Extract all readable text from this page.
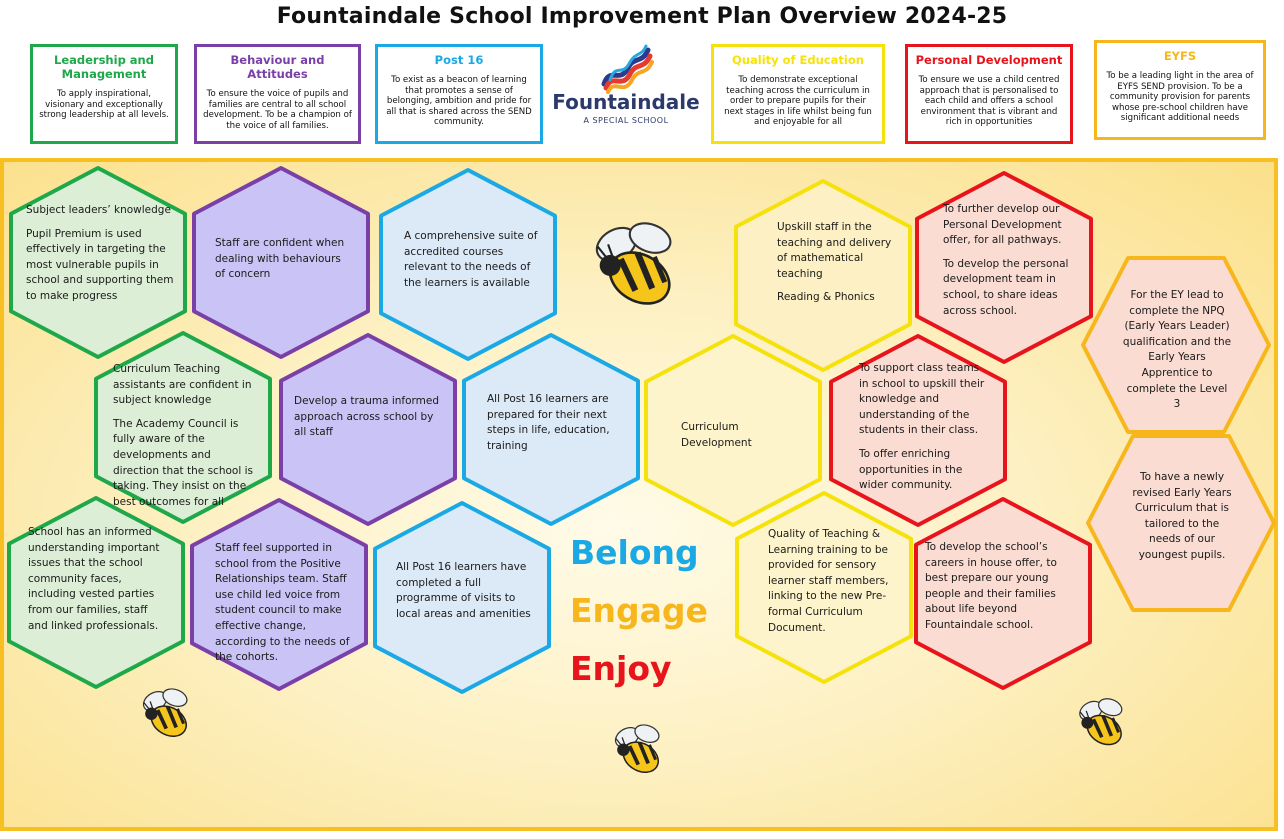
Fountaindale School Improvement Plan Overview 2024-25
Leadership and Management
To apply inspirational, visionary and exceptionally strong leadership at all levels.
Behaviour and Attitudes
To ensure the voice of pupils and families are central to all school development. To be a champion of the voice of all families.
Post 16
To exist as a beacon of learning that promotes a sense of belonging, ambition and pride for all that is shared across the SEND community.
Quality of Education
To demonstrate exceptional teaching across the curriculum in order to prepare pupils for their next stages in life whilst being fun and enjoyable for all
Personal Development
To ensure we use a child centred approach that is personalised to each child and offers a school environment that is vibrant and rich in opportunities
EYFS
To be a leading light in the area of EYFS SEND provision. To be a community provision for parents whose pre-school children have significant additional needs
Fountaindale
A SPECIAL SCHOOL

Subject leaders’ knowledge

Pupil Premium is used effectively in targeting the most vulnerable pupils in school and supporting them to make progress

Curriculum Teaching assistants are confident in subject knowledge

The Academy Council is fully aware of the developments and direction that the school is taking. They insist on the best outcomes for all

School has an informed understanding important issues that the school community faces, including vested parties from our families, staff and linked professionals.

Staff are confident when dealing with behaviours of concern

Develop a trauma informed approach across school by all staff

Staff feel supported in school from the Positive Relationships team. Staff use child led voice from student council to make effective change, according to the needs of the cohorts.

A comprehensive suite of accredited courses relevant to the needs of the learners is available

All Post 16 learners are prepared for their next steps in life, education, training

All Post 16 learners have completed a full programme of visits to local areas and amenities

Belong
Engage
Enjoy

Upskill staff in the teaching and delivery of mathematical teaching

Reading & Phonics

Curriculum Development

Quality of Teaching & Learning training to be provided for sensory learner staff members, linking to the new Pre-formal Curriculum Document.

To further develop our Personal Development offer, for all pathways.

To develop the personal development team in school, to share ideas across school.

To support class teams in school to upskill their knowledge and understanding of the students in their class.

To offer enriching opportunities in the wider community.

To develop the school’s careers in house offer, to best prepare our young people and their families about life beyond Fountaindale school.

For the EY lead to complete the NPQ (Early Years Leader) qualification and the Early Years Apprentice to complete the Level 3

To have a newly revised Early Years Curriculum that is tailored to the needs of our youngest pupils.
